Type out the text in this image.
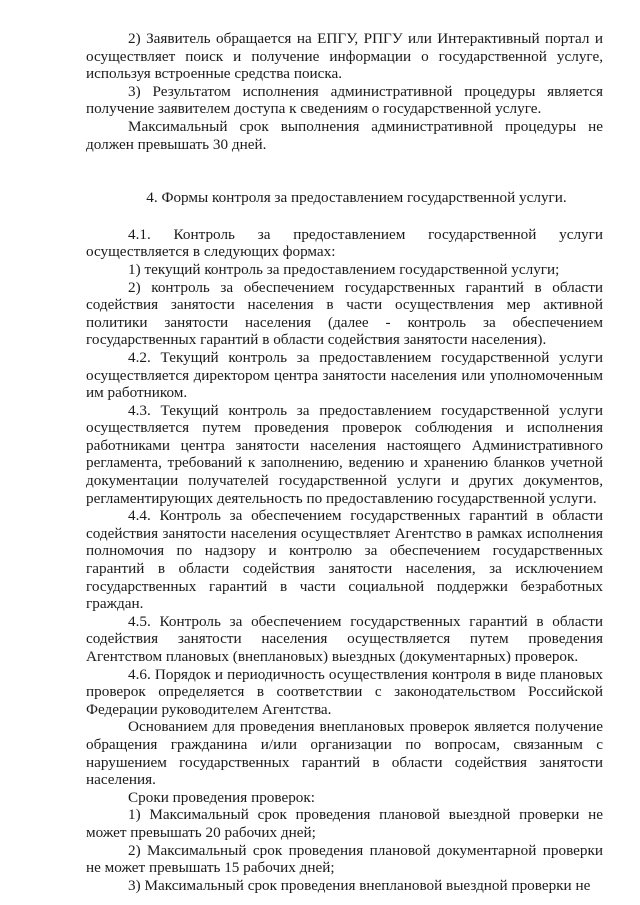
2) Заявитель обращается на ЕПГУ, РПГУ или Интерактивный портал и осуществляет поиск и получение информации о государственной услуге, используя встроенные средства поиска.

3) Результатом исполнения административной процедуры является получение заявителем доступа к сведениям о государственной услуге.

Максимальный срок выполнения административной процедуры не должен превышать 30 дней.

4. Формы контроля за предоставлением государственной услуги.

4.1. Контроль за предоставлением государственной услуги осуществляется в следующих формах:

1) текущий контроль за предоставлением государственной услуги;

2) контроль за обеспечением государственных гарантий в области содействия занятости населения в части осуществления мер активной политики занятости населения (далее - контроль за обеспечением государственных гарантий в области содействия занятости населения).

4.2. Текущий контроль за предоставлением государственной услуги осуществляется директором центра занятости населения или уполномоченным им работником.

4.3. Текущий контроль за предоставлением государственной услуги осуществляется путем проведения проверок соблюдения и исполнения работниками центра занятости населения настоящего Административного регламента, требований к заполнению, ведению и хранению бланков учетной документации получателей государственной услуги и других документов, регламентирующих деятельность по предоставлению государственной услуги.

4.4. Контроль за обеспечением государственных гарантий в области содействия занятости населения осуществляет Агентство в рамках исполнения полномочия по надзору и контролю за обеспечением государственных гарантий в области содействия занятости населения, за исключением государственных гарантий в части социальной поддержки безработных граждан.

4.5. Контроль за обеспечением государственных гарантий в области содействия занятости населения осуществляется путем проведения Агентством плановых (внеплановых) выездных (документарных) проверок.

4.6. Порядок и периодичность осуществления контроля в виде плановых проверок определяется в соответствии с законодательством Российской Федерации руководителем Агентства.

Основанием для проведения внеплановых проверок является получение обращения гражданина и/или организации по вопросам, связанным с нарушением государственных гарантий в области содействия занятости населения.

Сроки проведения проверок:

1) Максимальный срок проведения плановой выездной проверки не может превышать 20 рабочих дней;

2) Максимальный срок проведения плановой документарной проверки не может превышать 15 рабочих дней;

3) Максимальный срок проведения внеплановой выездной проверки не
